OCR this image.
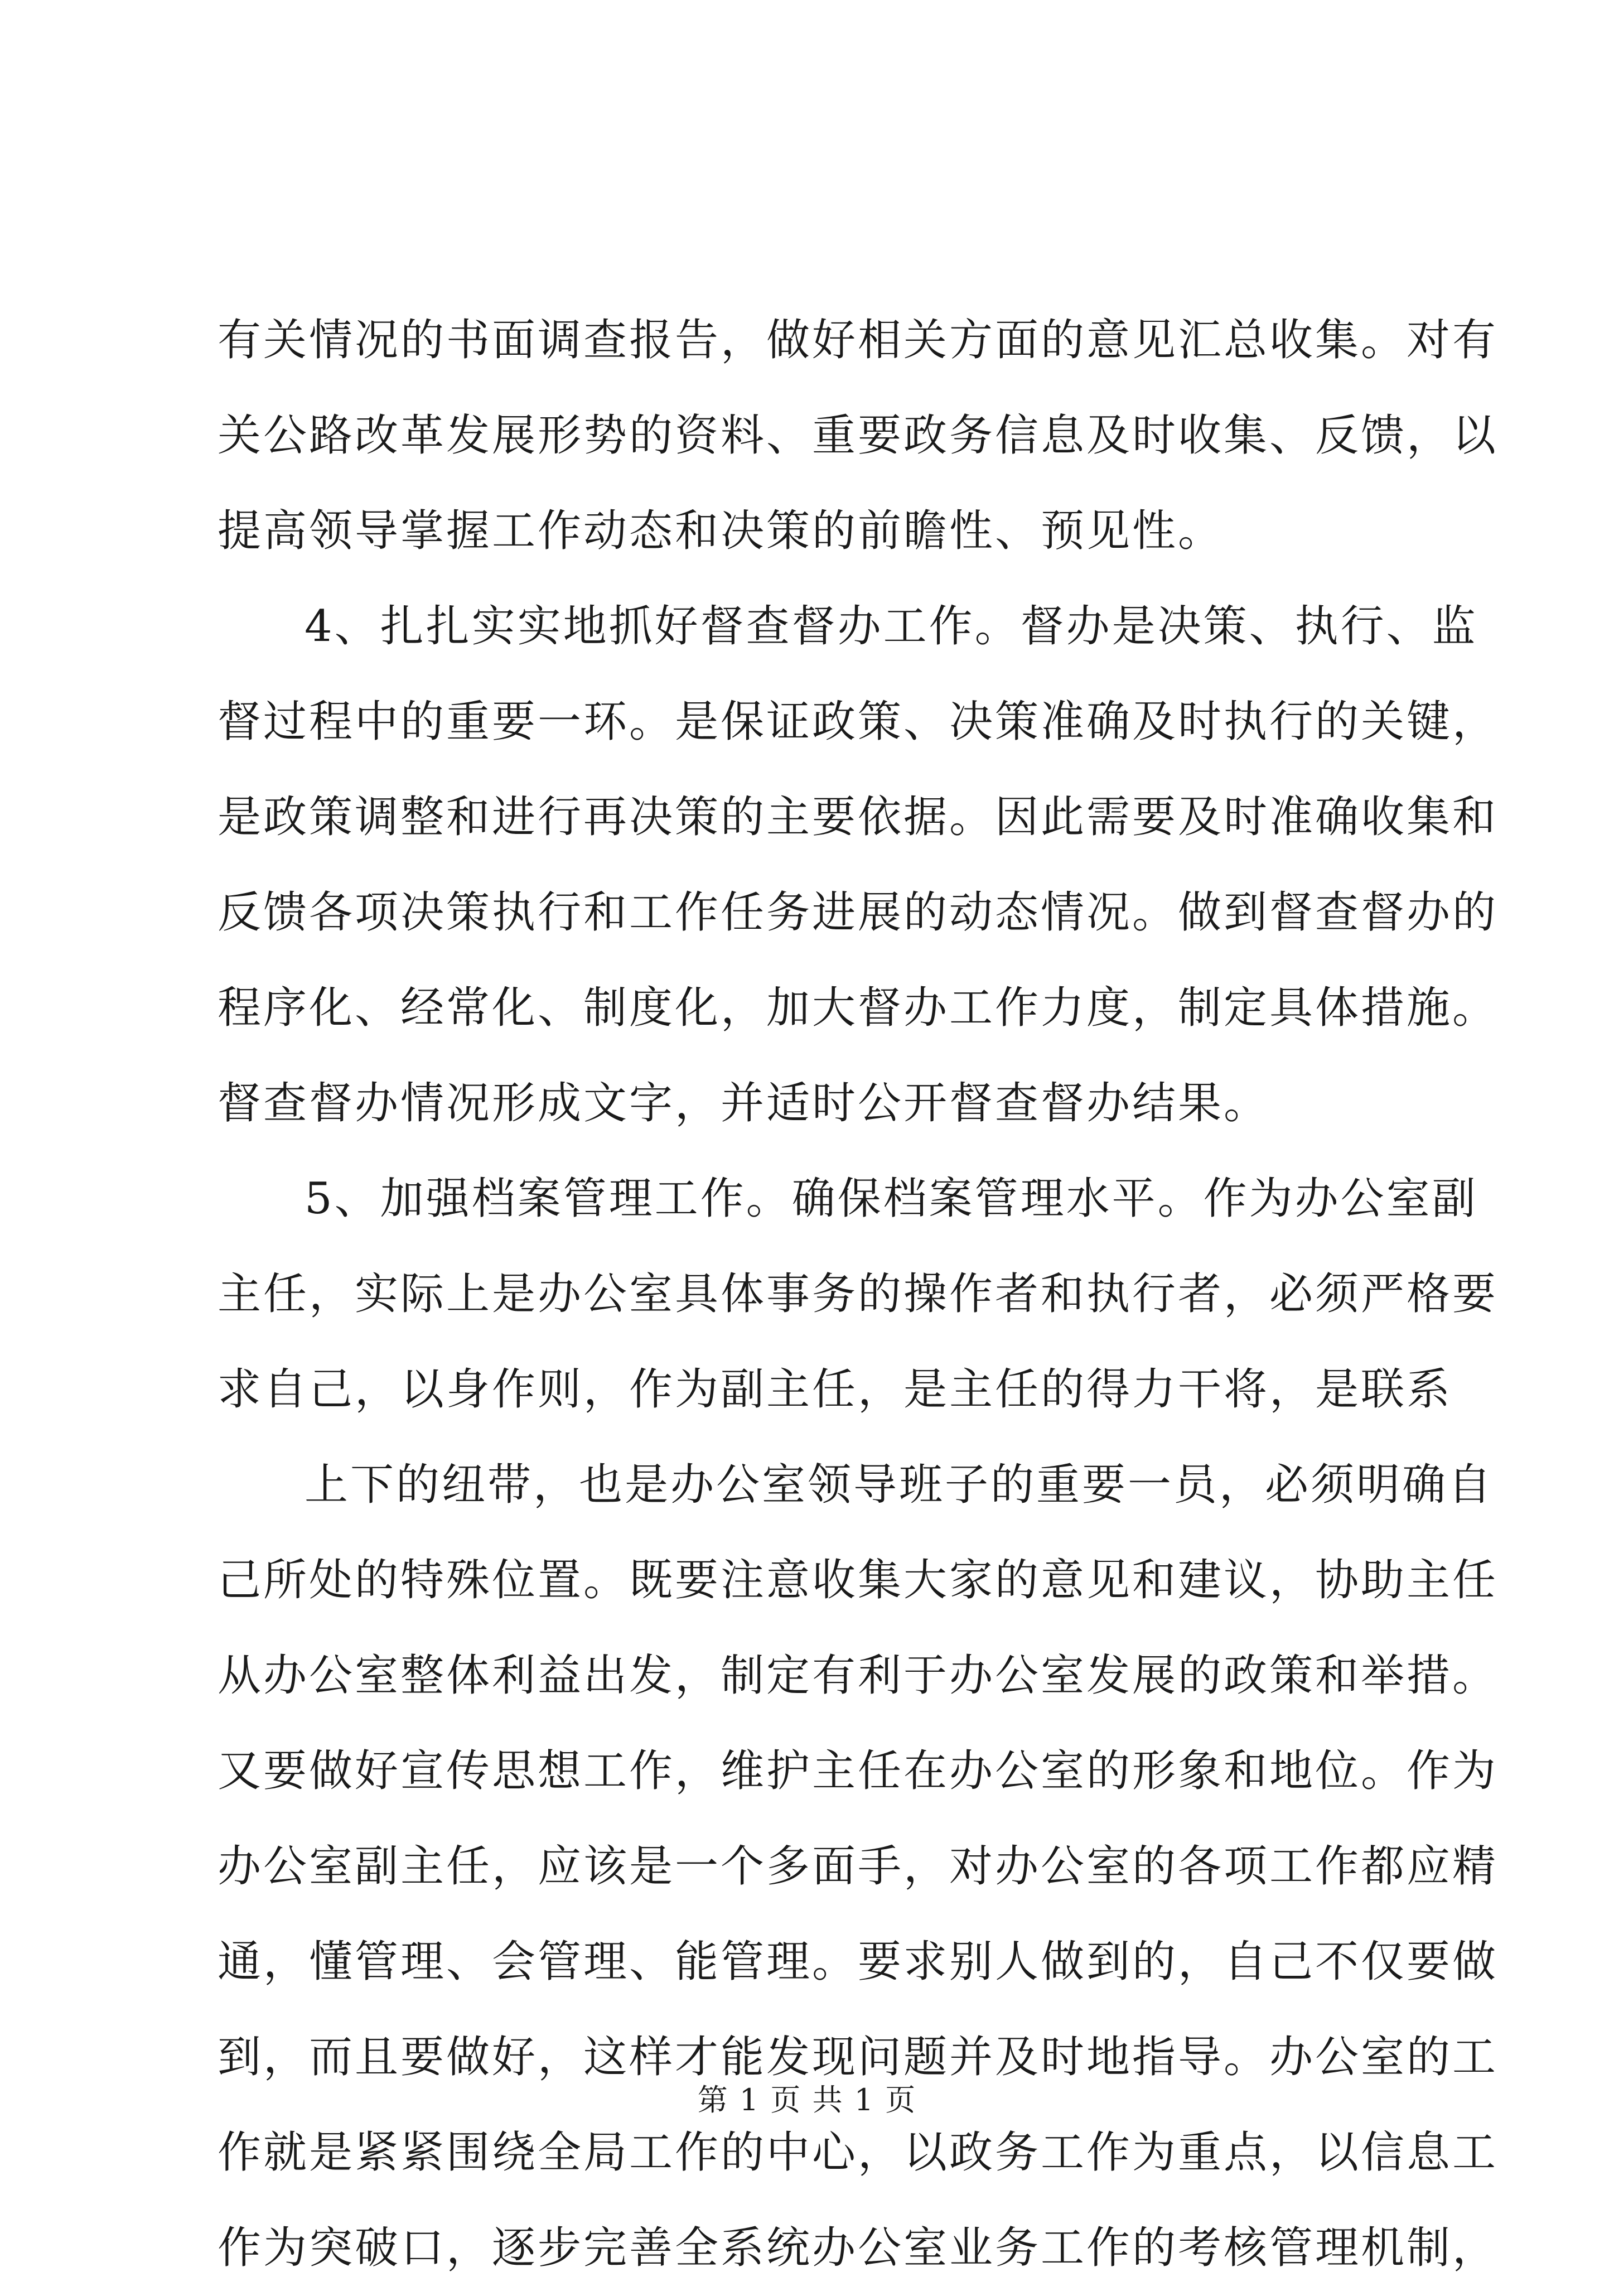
有关情况的书面调查报告，做好相关方面的意见汇总收集。对有
关公路改革发展形势的资料、重要政务信息及时收集、反馈，以
提高领导掌握工作动态和决策的前瞻性、预见性。
4、扎扎实实地抓好督查督办工作。督办是决策、执行、监
督过程中的重要一环。是保证政策、决策准确及时执行的关键，
是政策调整和进行再决策的主要依据。因此需要及时准确收集和
反馈各项决策执行和工作任务进展的动态情况。做到督查督办的
程序化、经常化、制度化，加大督办工作力度，制定具体措施。
督查督办情况形成文字，并适时公开督查督办结果。
5、加强档案管理工作。确保档案管理水平。作为办公室副
主任，实际上是办公室具体事务的操作者和执行者，必须严格要
求自己，以身作则，作为副主任，是主任的得力干将，是联系
上下的纽带，也是办公室领导班子的重要一员，必须明确自
己所处的特殊位置。既要注意收集大家的意见和建议，协助主任
从办公室整体利益出发，制定有利于办公室发展的政策和举措。
又要做好宣传思想工作，维护主任在办公室的形象和地位。作为
办公室副主任，应该是一个多面手，对办公室的各项工作都应精
通，懂管理、会管理、能管理。要求别人做到的，自己不仅要做
到，而且要做好，这样才能发现问题并及时地指导。办公室的工
作就是紧紧围绕全局工作的中心，以政务工作为重点，以信息工
作为突破口，逐步完善全系统办公室业务工作的考核管理机制，
第 1 页 共 1 页
